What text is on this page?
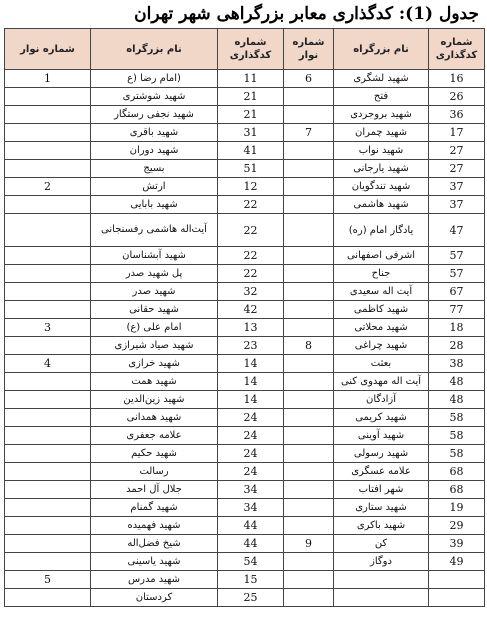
جدول (1): کدگذاری معابر بزرگراهی شهر تهران
شماره کدگذاری	نام بزرگراه	شماره نوار	شماره کدگذاری	نام بزرگراه	شماره نوار
16	شهید لشگری	6	11	(امام رضا (ع	1
26	فتح		21	شهید شوشتری	
36	شهید بروجردی		21	شهید نجفی رستگار	
17	شهید چمران	7	31	شهید باقری	
27	شهید نواب		41	شهید دوران	
27	شهید یارجانی		51	بسیج	
37	شهید تندگویان		12	ارتش	2
37	شهید هاشمی		22	شهید بابایی	
47	یادگار امام (ره)		22	آیت‌اله هاشمی رفسنجانی	
57	اشرفی اصفهانی		22	شهید آبشناسان	
57	جناح		22	پل شهید صدر	
67	آیت اله سعیدی		32	شهید صدر	
77	شهید کاظمی		42	شهید حقانی	
18	شهید محلاتی		13	امام علی (ع)	3
28	شهید چراغی	8	23	شهید صیاد شیرازی	
38	بعثت		14	شهید خرازی	4
48	آیت اله مهدوی کنی		14	شهید همت	
48	آزادگان		14	شهید زین‌الدین	
58	شهید کریمی		24	شهید همدانی	
58	شهید آوینی		24	علامه جعفری	
58	شهید رسولی		24	شهید حکیم	
68	علامه عسگری		24	رسالت	
68	شهر افتاب		34	جلال آل احمد	
19	شهید ستاری		34	شهید گمنام	
29	شهید باکری		44	شهید فهمیده	
39	کن	9	44	شیخ فضل‌اله	
49	دوگاز		54	شهید یاسینی	
			15	شهید مدرس	5
			25	کردستان	
